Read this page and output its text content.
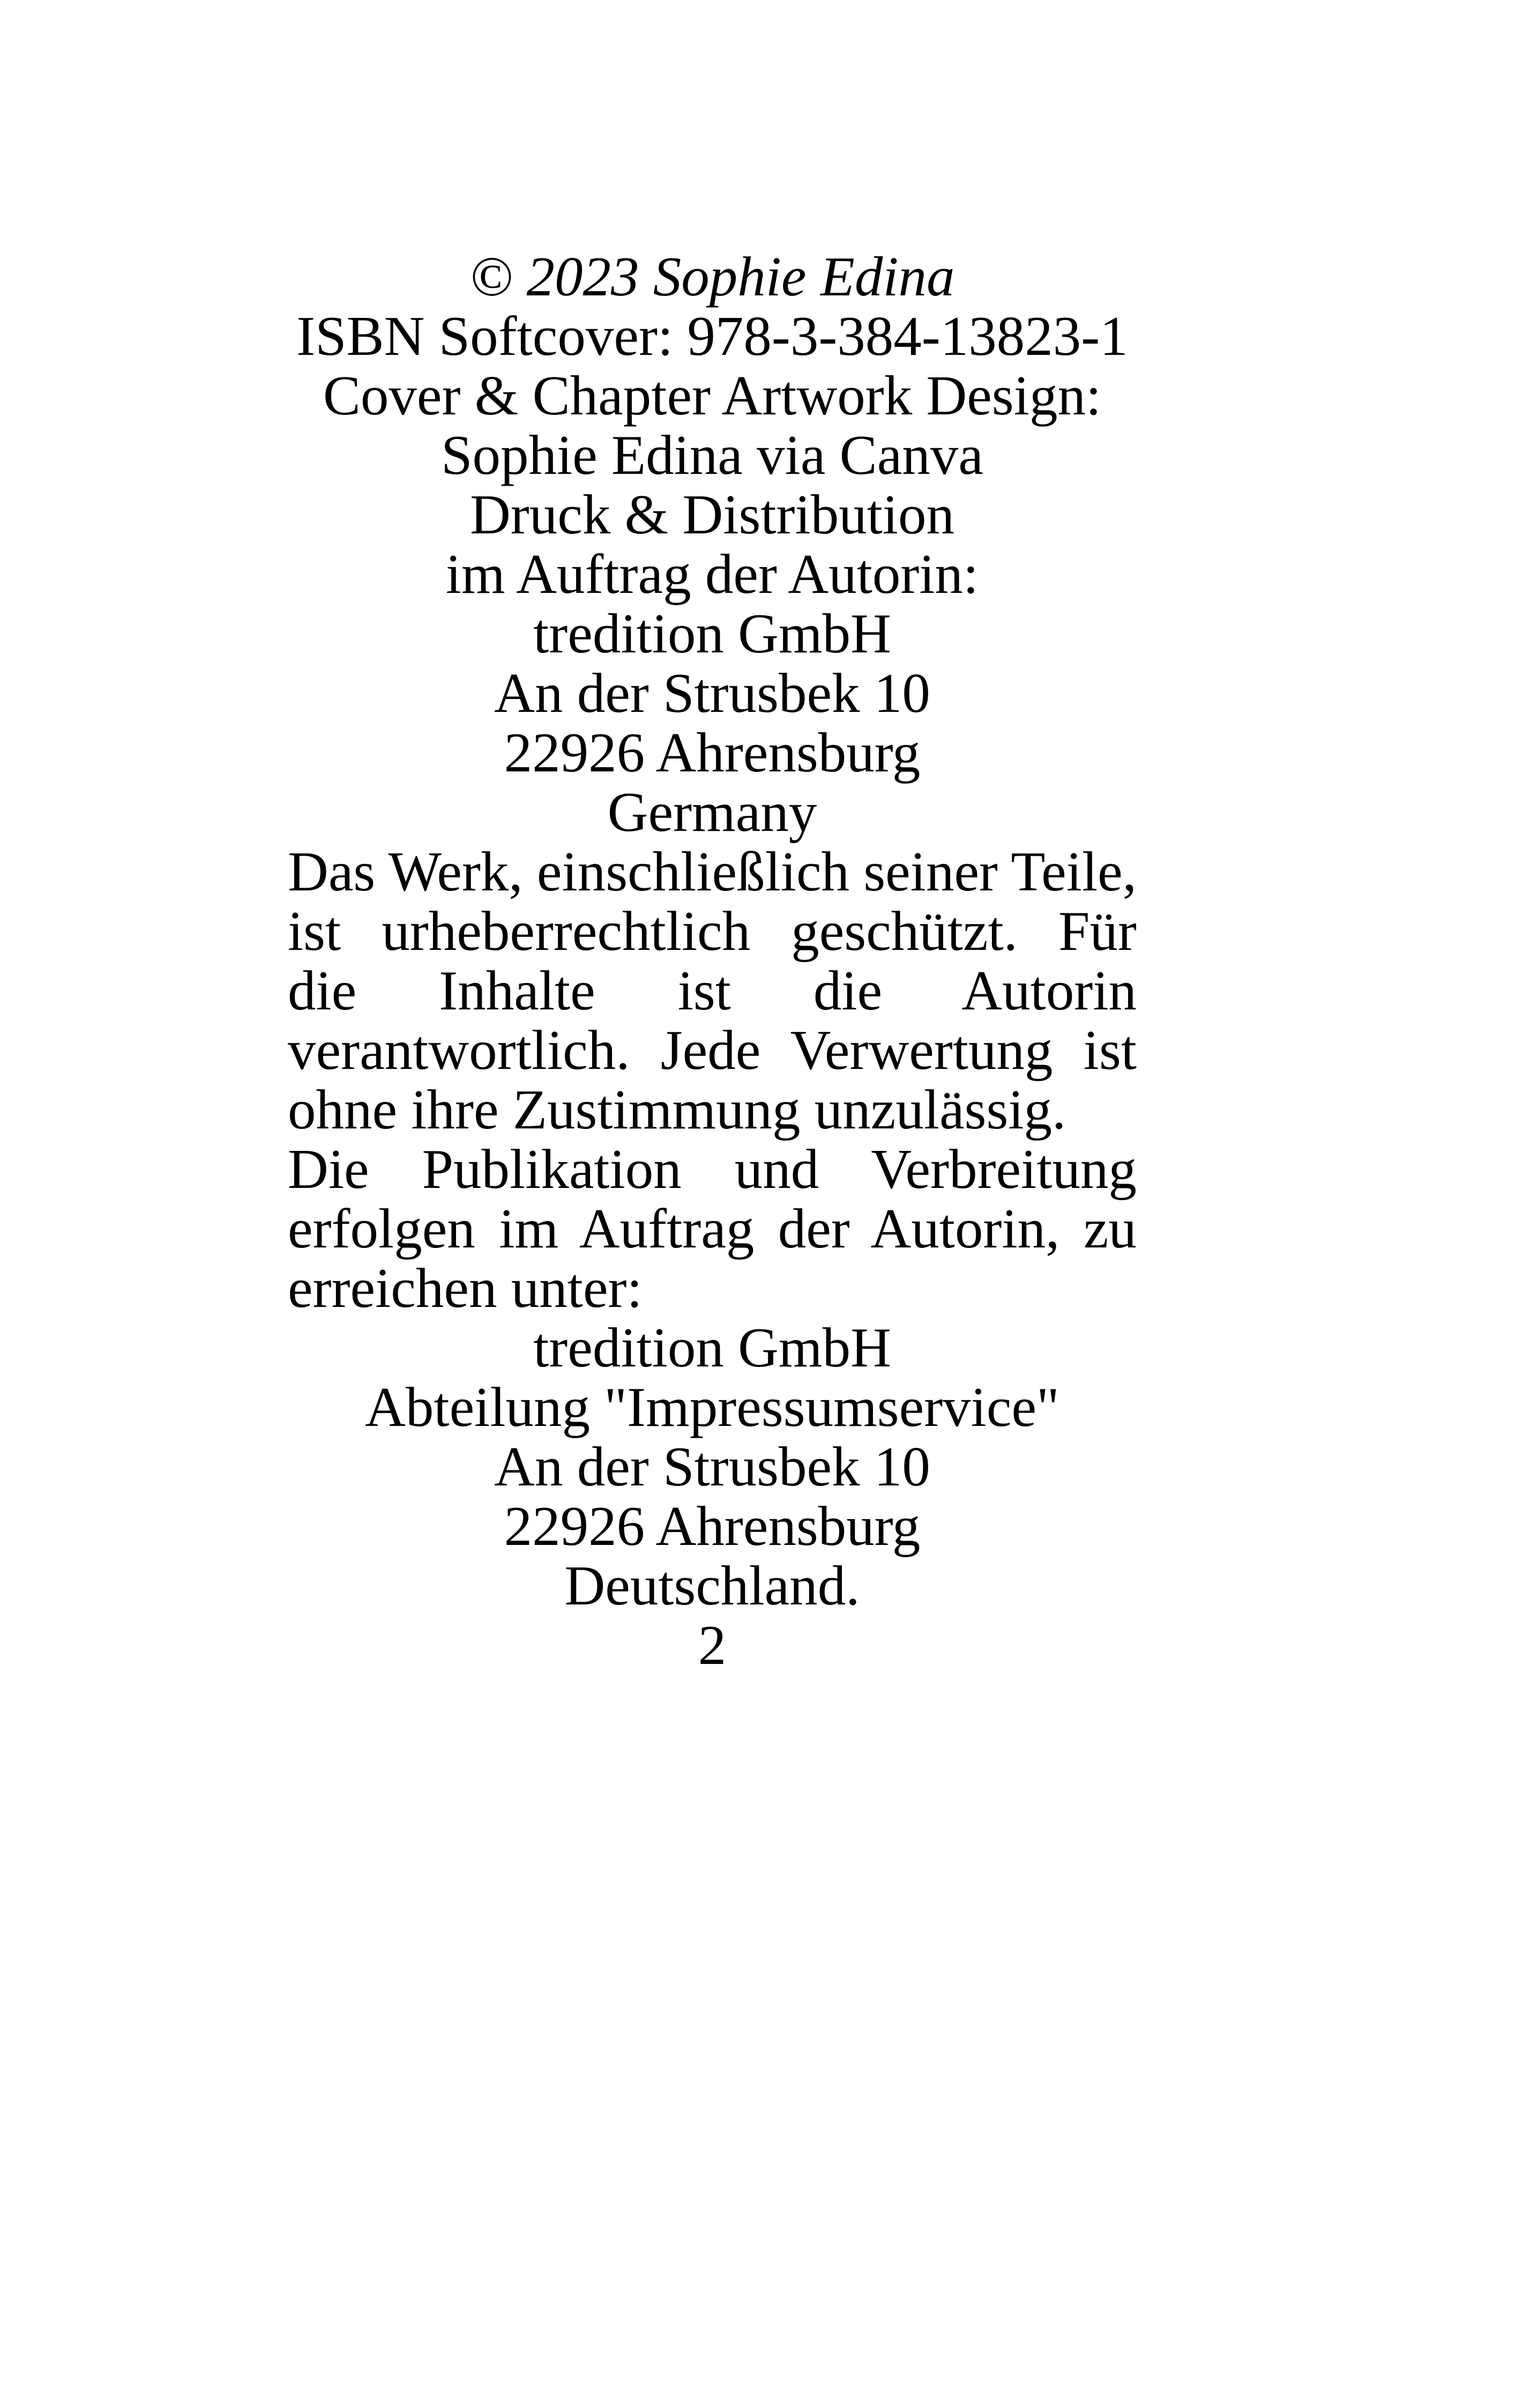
© 2023 Sophie Edina

ISBN Softcover: 978-3-384-13823-1

Cover & Chapter Artwork Design:
Sophie Edina via Canva

Druck & Distribution
im Auftrag der Autorin:

tredition GmbH
An der Strusbek 10
22926 Ahrensburg
Germany

Das Werk, einschließlich seiner Teile, ist urheberrechtlich geschützt. Für die Inhalte ist die Autorin verantwortlich. Jede Verwertung ist ohne ihre Zustimmung unzulässig.

Die Publikation und Verbreitung erfolgen im Auftrag der Autorin, zu erreichen unter:

tredition GmbH
Abteilung "Impressumservice"
An der Strusbek 10
22926 Ahrensburg
Deutschland.

2
